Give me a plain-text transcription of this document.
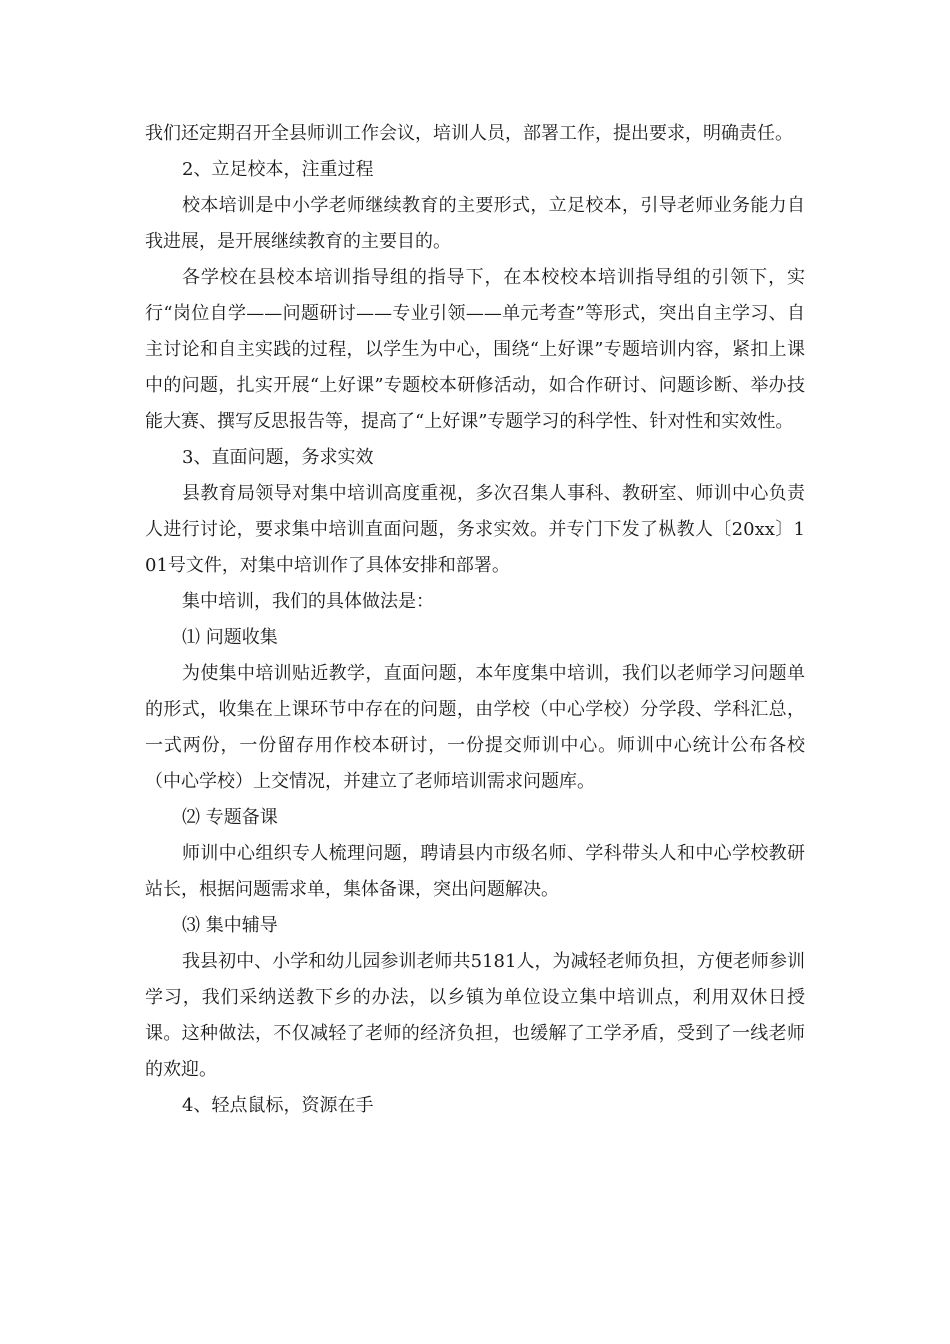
我们还定期召开全县师训工作会议，培训人员，部署工作，提出要求，明确责任。

2、立足校本，注重过程

校本培训是中小学老师继续教育的主要形式，立足校本，引导老师业务能力自我进展，是开展继续教育的主要目的。

各学校在县校本培训指导组的指导下，在本校校本培训指导组的引领下，实行“岗位自学——问题研讨——专业引领——单元考查”等形式，突出自主学习、自主讨论和自主实践的过程，以学生为中心，围绕“上好课”专题培训内容，紧扣上课中的问题，扎实开展“上好课”专题校本研修活动，如合作研讨、问题诊断、举办技能大赛、撰写反思报告等，提高了“上好课”专题学习的科学性、针对性和实效性。

3、直面问题，务求实效

县教育局领导对集中培训高度重视，多次召集人事科、教研室、师训中心负责人进行讨论，要求集中培训直面问题，务求实效。并专门下发了枞教人〔20xx〕101号文件，对集中培训作了具体安排和部署。

集中培训，我们的具体做法是：

⑴ 问题收集

为使集中培训贴近教学，直面问题，本年度集中培训，我们以老师学习问题单的形式，收集在上课环节中存在的问题，由学校（中心学校）分学段、学科汇总，一式两份，一份留存用作校本研讨，一份提交师训中心。师训中心统计公布各校（中心学校）上交情况，并建立了老师培训需求问题库。

⑵ 专题备课

师训中心组织专人梳理问题，聘请县内市级名师、学科带头人和中心学校教研站长，根据问题需求单，集体备课，突出问题解决。

⑶ 集中辅导

我县初中、小学和幼儿园参训老师共5181人，为减轻老师负担，方便老师参训学习，我们采纳送教下乡的办法，以乡镇为单位设立集中培训点，利用双休日授课。这种做法，不仅减轻了老师的经济负担，也缓解了工学矛盾，受到了一线老师的欢迎。

4、轻点鼠标，资源在手
